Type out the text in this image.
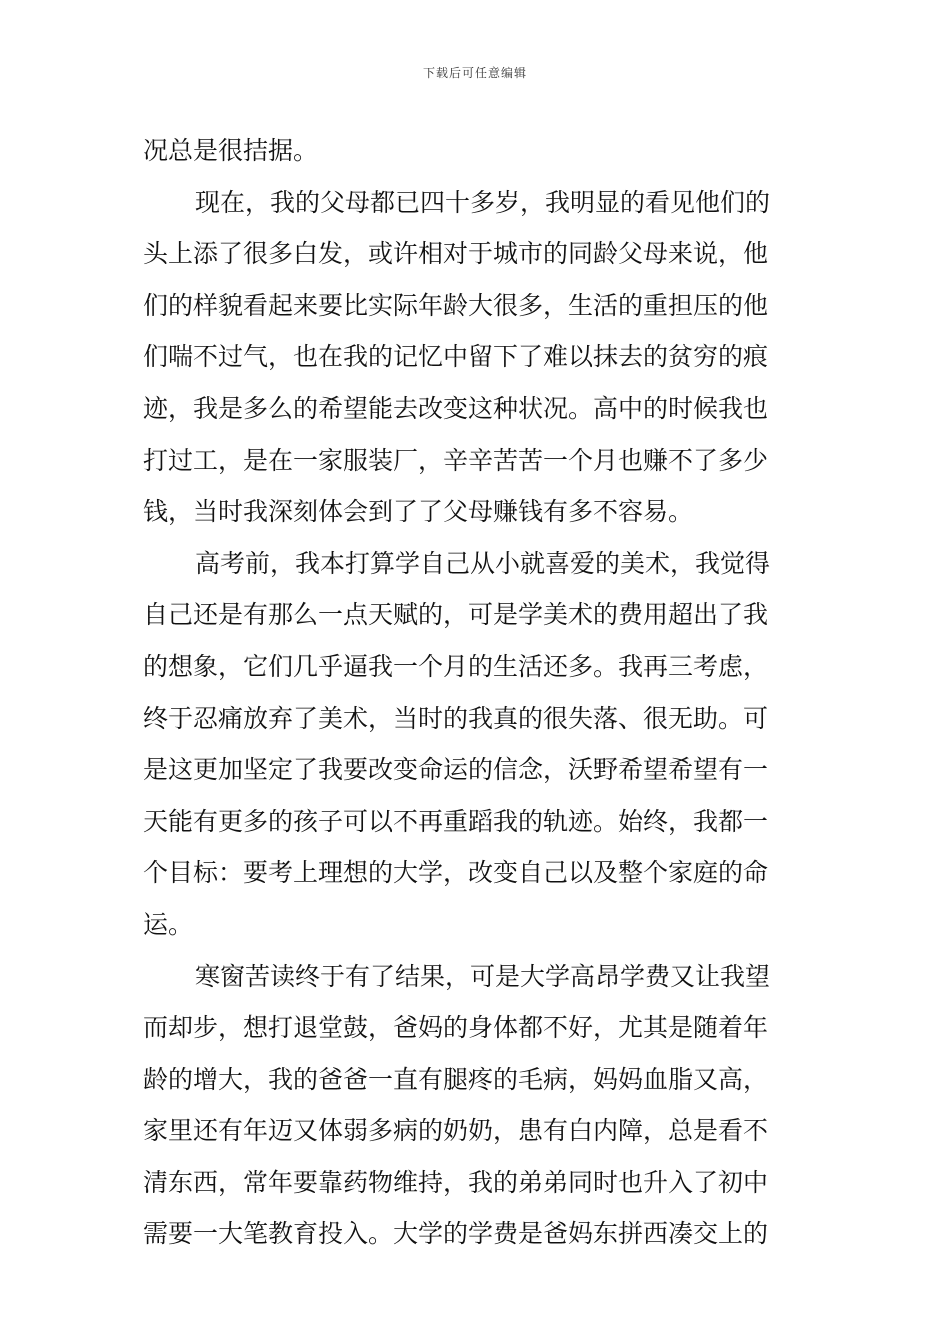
下载后可任意编辑
况总是很拮据。
现在，我的父母都已四十多岁，我明显的看见他们的
头上添了很多白发，或许相对于城市的同龄父母来说，他
们的样貌看起来要比实际年龄大很多，生活的重担压的他
们喘不过气，也在我的记忆中留下了难以抹去的贫穷的痕
迹，我是多么的希望能去改变这种状况。高中的时候我也
打过工，是在一家服装厂，辛辛苦苦一个月也赚不了多少
钱，当时我深刻体会到了了父母赚钱有多不容易。
高考前，我本打算学自己从小就喜爱的美术，我觉得
自己还是有那么一点天赋的，可是学美术的费用超出了我
的想象，它们几乎逼我一个月的生活还多。我再三考虑，
终于忍痛放弃了美术，当时的我真的很失落、很无助。可
是这更加坚定了我要改变命运的信念，沃野希望希望有一
天能有更多的孩子可以不再重蹈我的轨迹。始终，我都一
个目标：要考上理想的大学，改变自己以及整个家庭的命
运。
寒窗苦读终于有了结果，可是大学高昂学费又让我望
而却步，想打退堂鼓，爸妈的身体都不好，尤其是随着年
龄的增大，我的爸爸一直有腿疼的毛病，妈妈血脂又高，
家里还有年迈又体弱多病的奶奶，患有白内障，总是看不
清东西，常年要靠药物维持，我的弟弟同时也升入了初中
需要一大笔教育投入。大学的学费是爸妈东拼西凑交上的
